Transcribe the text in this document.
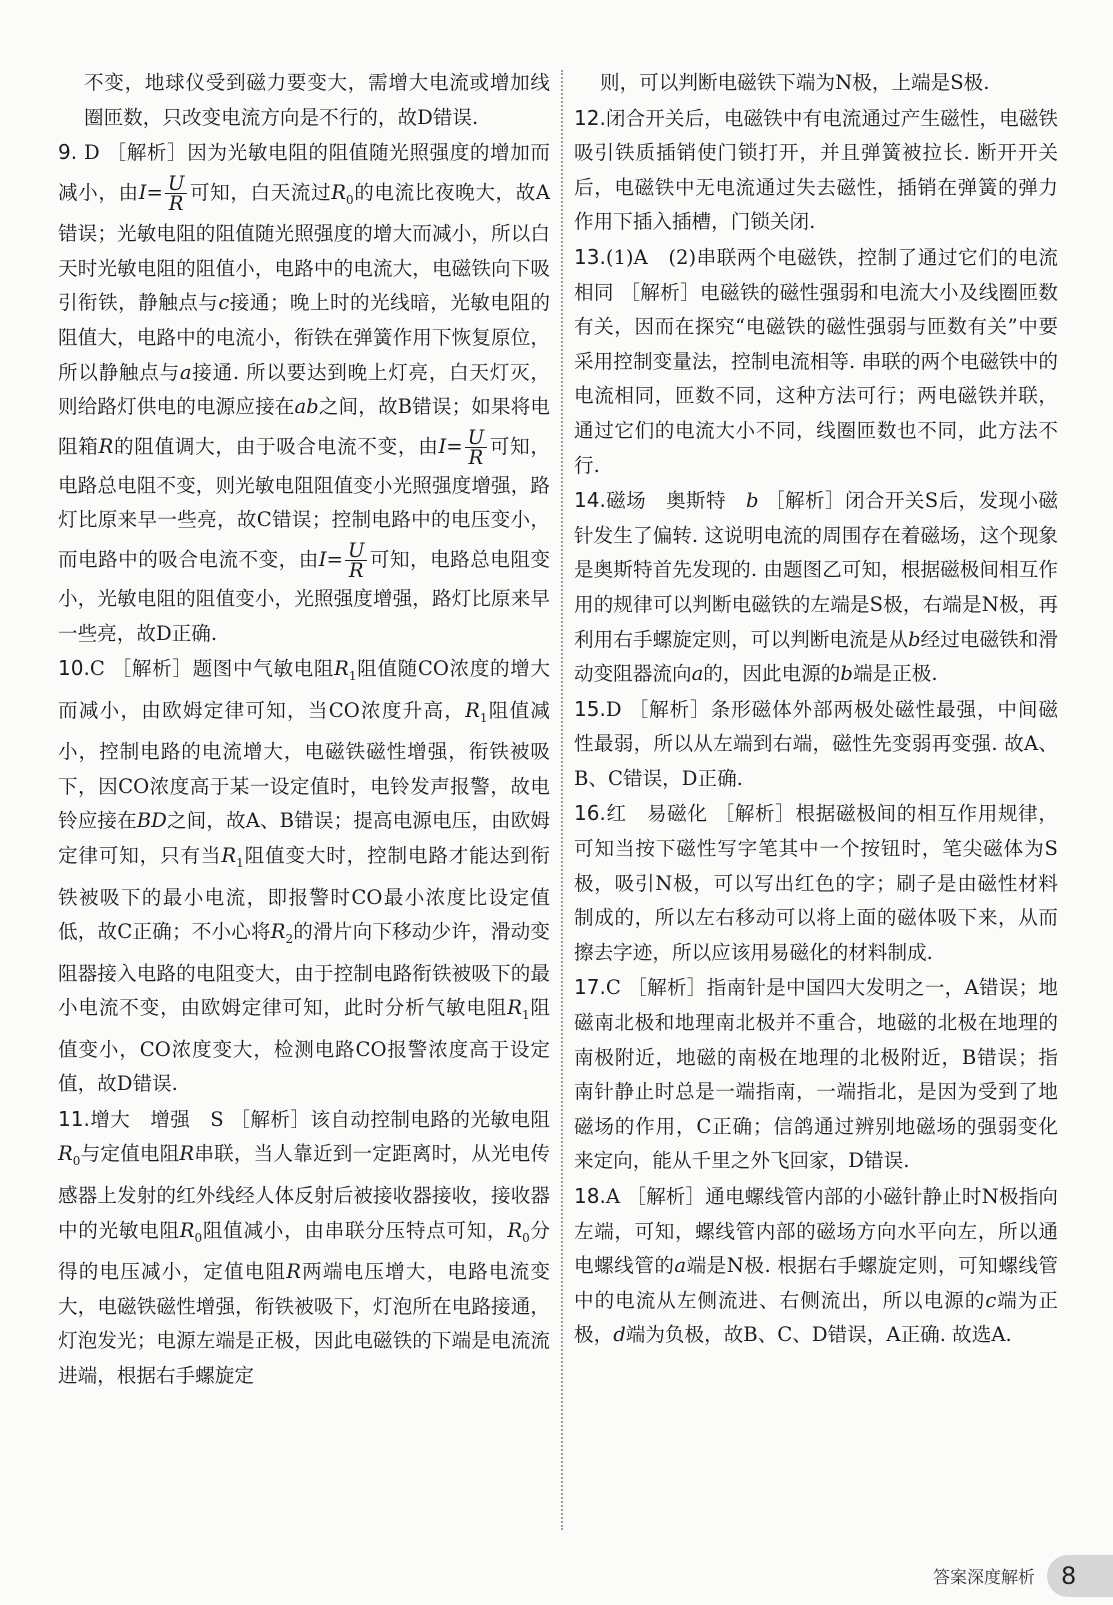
不变，地球仪受到磁力要变大，需增大电流或增加线圈匝数，只改变电流方向是不行的，故D错误.

9. D ［解析］因为光敏电阻的阻值随光照强度的增加而减小，由$I= \frac{U}{R}$ 可知，白天流过$R_0$的电流比夜晚大，故A错误；光敏电阻的阻值随光照强度的增大而减小，所以白天时光敏电阻的阻值小，电路中的电流大，电磁铁向下吸引衔铁，静触点与c接通；晚上时的光线暗，光敏电阻的阻值大，电路中的电流小，衔铁在弹簧作用下恢复原位，所以静触点与a接通. 所以要达到晚上灯亮，白天灯灭，则给路灯供电的电源应接在ab之间，故B错误；如果将电阻箱R的阻值调大，由于吸合电流不变，由$I= \frac{U}{R}$ 可知，电路总电阻不变，则光敏电阻阻值变小光照强度增强，路灯比原来早一些亮，故C错误；控制电路中的电压变小，而电路中的吸合电流不变，由$I= \frac{U}{R}$ 可知，电路总电阻变小，光敏电阻的阻值变小，光照强度增强，路灯比原来早一些亮，故D正确.

10.C ［解析］题图中气敏电阻$R_1$阻值随CO浓度的增大而减小，由欧姆定律可知，当CO浓度升高，$R_1$阻值减小，控制电路的电流增大，电磁铁磁性增强，衔铁被吸下，因CO浓度高于某一设定值时，电铃发声报警，故电铃应接在BD之间，故A、B错误；提高电源电压，由欧姆定律可知，只有当$R_1$阻值变大时，控制电路才能达到衔铁被吸下的最小电流，即报警时CO最小浓度比设定值低，故C正确；不小心将$R_2$的滑片向下移动少许，滑动变阻器接入电路的电阻变大，由于控制电路衔铁被吸下的最小电流不变，由欧姆定律可知，此时分析气敏电阻$R_1$阻值变小，CO浓度变大，检测电路CO报警浓度高于设定值，故D错误.

11.增大　增强　S ［解析］该自动控制电路的光敏电阻$R_0$与定值电阻R串联，当人靠近到一定距离时，从光电传感器上发射的红外线经人体反射后被接收器接收，接收器中的光敏电阻$R_0$阻值减小，由串联分压特点可知，$R_0$分得的电压减小，定值电阻R两端电压增大，电路电流变大，电磁铁磁性增强，衔铁被吸下，灯泡所在电路接通，灯泡发光；电源左端是正极，因此电磁铁的下端是电流流进端，根据右手螺旋定

则，可以判断电磁铁下端为N极，上端是S极.

12.闭合开关后，电磁铁中有电流通过产生磁性，电磁铁吸引铁质插销使门锁打开，并且弹簧被拉长. 断开开关后，电磁铁中无电流通过失去磁性，插销在弹簧的弹力作用下插入插槽，门锁关闭.

13.(1)A　(2)串联两个电磁铁，控制了通过它们的电流相同 ［解析］电磁铁的磁性强弱和电流大小及线圈匝数有关，因而在探究“电磁铁的磁性强弱与匝数有关”中要采用控制变量法，控制电流相等. 串联的两个电磁铁中的电流相同，匝数不同，这种方法可行；两电磁铁并联，通过它们的电流大小不同，线圈匝数也不同，此方法不行.

14.磁场　奥斯特　 b ［解析］闭合开关S后，发现小磁针发生了偏转. 这说明电流的周围存在着磁场，这个现象是奥斯特首先发现的. 由题图乙可知，根据磁极间相互作用的规律可以判断电磁铁的左端是S极，右端是N极，再利用右手螺旋定则，可以判断电流是从b经过电磁铁和滑动变阻器流向a的，因此电源的b端是正极.

15.D ［解析］条形磁体外部两极处磁性最强，中间磁性最弱，所以从左端到右端，磁性先变弱再变强. 故A、B、C错误，D正确.

16.红　易磁化 ［解析］根据磁极间的相互作用规律，可知当按下磁性写字笔其中一个按钮时，笔尖磁体为S极，吸引N极，可以写出红色的字；刷子是由磁性材料制成的，所以左右移动可以将上面的磁体吸下来，从而擦去字迹，所以应该用易磁化的材料制成.

17.C ［解析］指南针是中国四大发明之一，A错误；地磁南北极和地理南北极并不重合，地磁的北极在地理的南极附近，地磁的南极在地理的北极附近，B错误；指南针静止时总是一端指南，一端指北，是因为受到了地磁场的作用，C正确；信鸽通过辨别地磁场的强弱变化来定向，能从千里之外飞回家，D错误.

18.A ［解析］通电螺线管内部的小磁针静止时N极指向左端，可知，螺线管内部的磁场方向水平向左，所以通电螺线管的a端是N极. 根据右手螺旋定则，可知螺线管中的电流从左侧流进、右侧流出，所以电源的c端为正极，d端为负极，故B、C、D错误，A正确. 故选A.

答案深度解析	8
